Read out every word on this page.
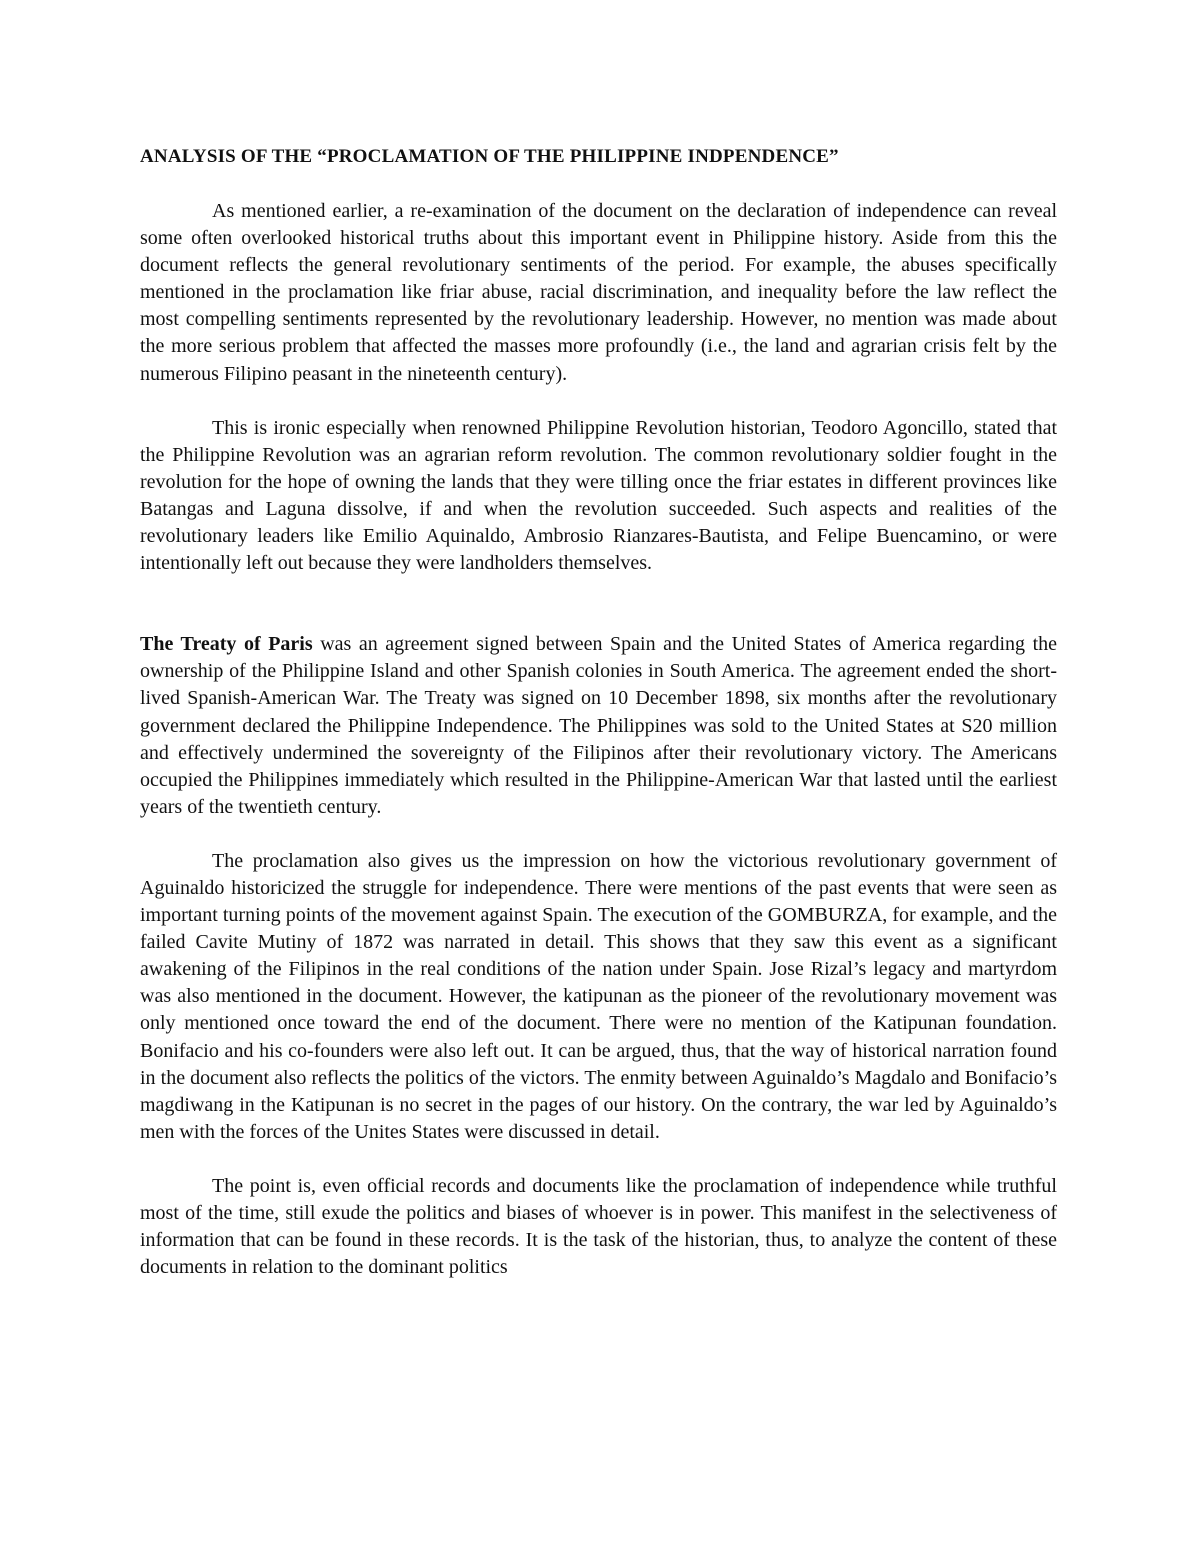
ANALYSIS OF THE “PROCLAMATION OF THE PHILIPPINE INDPENDENCE”

As mentioned earlier, a re-examination of the document on the declaration of independence can reveal some often overlooked historical truths about this important event in Philippine history. Aside from this the document reflects the general revolutionary sentiments of the period. For example, the abuses specifically mentioned in the proclamation like friar abuse, racial discrimination, and inequality before the law reflect the most compelling sentiments represented by the revolutionary leadership. However, no mention was made about the more serious problem that affected the masses more profoundly (i.e., the land and agrarian crisis felt by the numerous Filipino peasant in the nineteenth century).

This is ironic especially when renowned Philippine Revolution historian, Teodoro Agoncillo, stated that the Philippine Revolution was an agrarian reform revolution. The common revolutionary soldier fought in the revolution for the hope of owning the lands that they were tilling once the friar estates in different provinces like Batangas and Laguna dissolve, if and when the revolution succeeded. Such aspects and realities of the revolutionary leaders like Emilio Aquinaldo, Ambrosio Rianzares-Bautista, and Felipe Buencamino, or were intentionally left out because they were landholders themselves.

The Treaty of Paris was an agreement signed between Spain and the United States of America regarding the ownership of the Philippine Island and other Spanish colonies in South America. The agreement ended the short-lived Spanish-American War. The Treaty was signed on 10 December 1898, six months after the revolutionary government declared the Philippine Independence. The Philippines was sold to the United States at S20 million and effectively undermined the sovereignty of the Filipinos after their revolutionary victory. The Americans occupied the Philippines immediately which resulted in the Philippine-American War that lasted until the earliest years of the twentieth century.

The proclamation also gives us the impression on how the victorious revolutionary government of Aguinaldo historicized the struggle for independence. There were mentions of the past events that were seen as important turning points of the movement against Spain. The execution of the GOMBURZA, for example, and the failed Cavite Mutiny of 1872 was narrated in detail. This shows that they saw this event as a significant awakening of the Filipinos in the real conditions of the nation under Spain. Jose Rizal’s legacy and martyrdom was also mentioned in the document. However, the katipunan as the pioneer of the revolutionary movement was only mentioned once toward the end of the document. There were no mention of the Katipunan foundation. Bonifacio and his co-founders were also left out. It can be argued, thus, that the way of historical narration found in the document also reflects the politics of the victors. The enmity between Aguinaldo’s Magdalo and Bonifacio’s magdiwang in the Katipunan is no secret in the pages of our history. On the contrary, the war led by Aguinaldo’s men with the forces of the Unites States were discussed in detail.

The point is, even official records and documents like the proclamation of independence while truthful most of the time, still exude the politics and biases of whoever is in power. This manifest in the selectiveness of information that can be found in these records. It is the task of the historian, thus, to analyze the content of these documents in relation to the dominant politics
